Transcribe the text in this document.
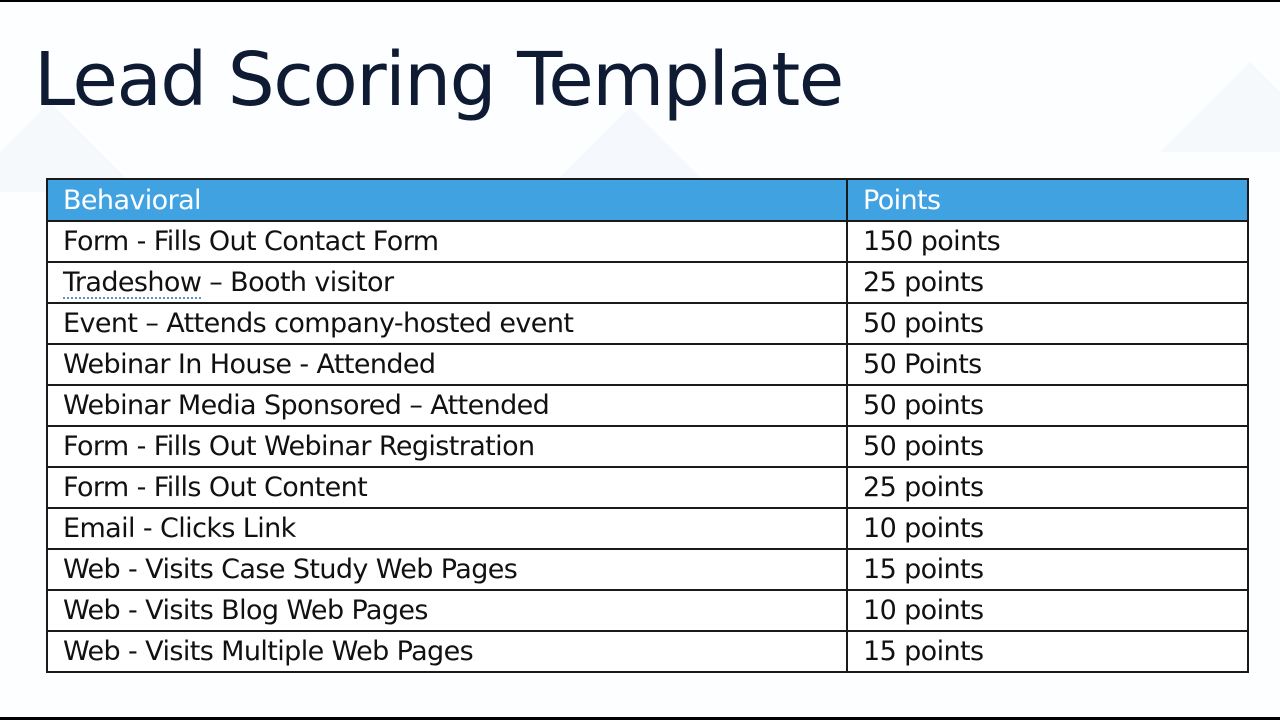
Lead Scoring Template
Behavioral	Points
Form - Fills Out Contact Form	150 points
Tradeshow – Booth visitor	25 points
Event – Attends company-hosted event	50 points
Webinar In House - Attended	50 Points
Webinar Media Sponsored – Attended	50 points
Form - Fills Out Webinar Registration	50 points
Form - Fills Out Content	25 points
Email - Clicks Link	10 points
Web - Visits Case Study Web Pages	15 points
Web - Visits Blog Web Pages	10 points
Web - Visits Multiple Web Pages	15 points
